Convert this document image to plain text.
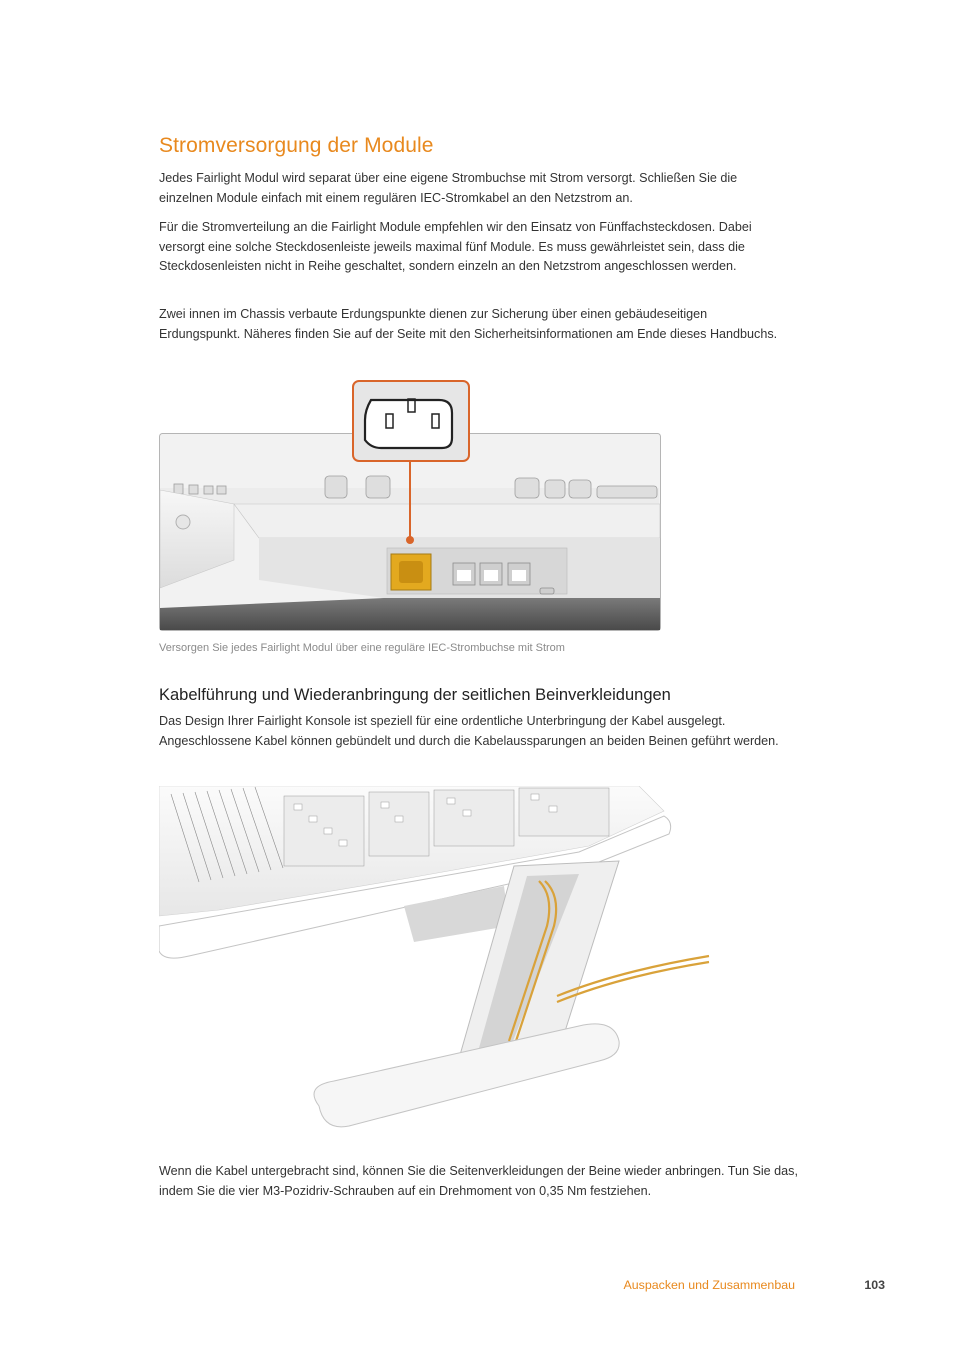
Stromversorgung der Module

Jedes Fairlight Modul wird separat über eine eigene Strombuchse mit Strom versorgt. Schließen Sie die einzelnen Module einfach mit einem regulären IEC-Stromkabel an den Netzstrom an.

Für die Stromverteilung an die Fairlight Module empfehlen wir den Einsatz von Fünffachsteckdosen. Dabei versorgt eine solche Steckdosenleiste jeweils maximal fünf Module. Es muss gewährleistet sein, dass die Steckdosenleisten nicht in Reihe geschaltet, sondern einzeln an den Netzstrom angeschlossen werden.

Zwei innen im Chassis verbaute Erdungspunkte dienen zur Sicherung über einen gebäudeseitigen Erdungspunkt. Näheres finden Sie auf der Seite mit den Sicherheitsinformationen am Ende dieses Handbuchs.

Versorgen Sie jedes Fairlight Modul über eine reguläre IEC-Strombuchse mit Strom

Kabelführung und Wiederanbringung der seitlichen Beinverkleidungen

Das Design Ihrer Fairlight Konsole ist speziell für eine ordentliche Unterbringung der Kabel ausgelegt. Angeschlossene Kabel können gebündelt und durch die Kabelaussparungen an beiden Beinen geführt werden.

Wenn die Kabel untergebracht sind, können Sie die Seitenverkleidungen der Beine wieder anbringen. Tun Sie das, indem Sie die vier M3-Pozidriv-Schrauben auf ein Drehmoment von 0,35 Nm festziehen.

Auspacken und Zusammenbau	103
